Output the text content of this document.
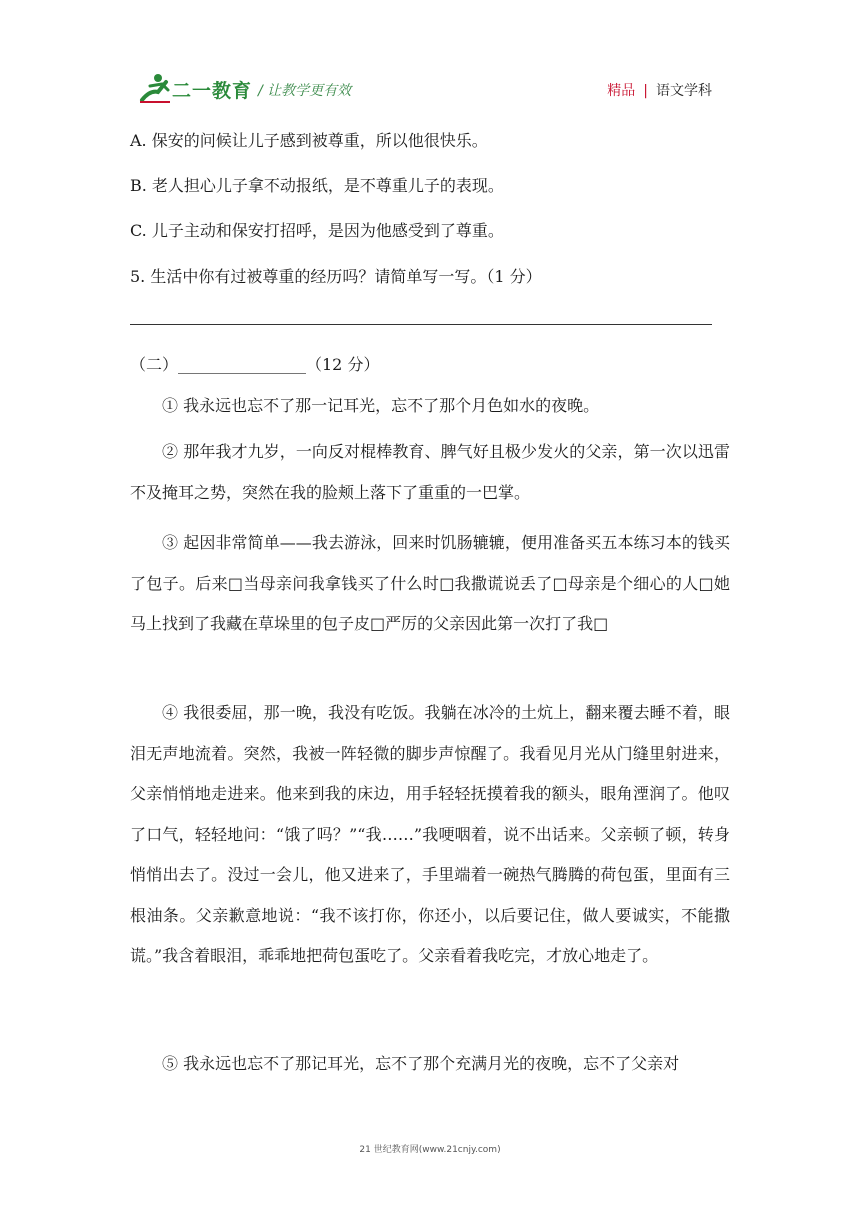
二一教育 / 让教学更有效	精品 | 语文学科
A. 保安的问候让儿子感到被尊重，所以他很快乐。
B. 老人担心儿子拿不动报纸，是不尊重儿子的表现。
C. 儿子主动和保安打招呼，是因为他感受到了尊重。
5. 生活中你有过被尊重的经历吗？请简单写一写。（1 分）
（二）________________（12 分）
① 我永远也忘不了那一记耳光，忘不了那个月色如水的夜晚。
② 那年我才九岁，一向反对棍棒教育、脾气好且极少发火的父亲，第一次以迅雷不及掩耳之势，突然在我的脸颊上落下了重重的一巴掌。
③ 起因非常简单——我去游泳，回来时饥肠辘辘，便用准备买五本练习本的钱买了包子。后来□当母亲问我拿钱买了什么时□我撒谎说丢了□母亲是个细心的人□她马上找到了我藏在草垛里的包子皮□严厉的父亲因此第一次打了我□
④ 我很委屈，那一晚，我没有吃饭。我躺在冰冷的土炕上，翻来覆去睡不着，眼泪无声地流着。突然，我被一阵轻微的脚步声惊醒了。我看见月光从门缝里射进来，父亲悄悄地走进来。他来到我的床边，用手轻轻抚摸着我的额头，眼角湮润了。他叹了口气，轻轻地问：“饿了吗？”“我……”我哽咽着，说不出话来。父亲顿了顿，转身悄悄出去了。没过一会儿，他又进来了，手里端着一碗热气腾腾的荷包蛋，里面有三根油条。父亲歉意地说：“我不该打你，你还小，以后要记住，做人要诚实，不能撒谎。”我含着眼泪，乖乖地把荷包蛋吃了。父亲看着我吃完，才放心地走了。
⑤ 我永远也忘不了那记耳光，忘不了那个充满月光的夜晚，忘不了父亲对
21 世纪教育网(www.21cnjy.com)
